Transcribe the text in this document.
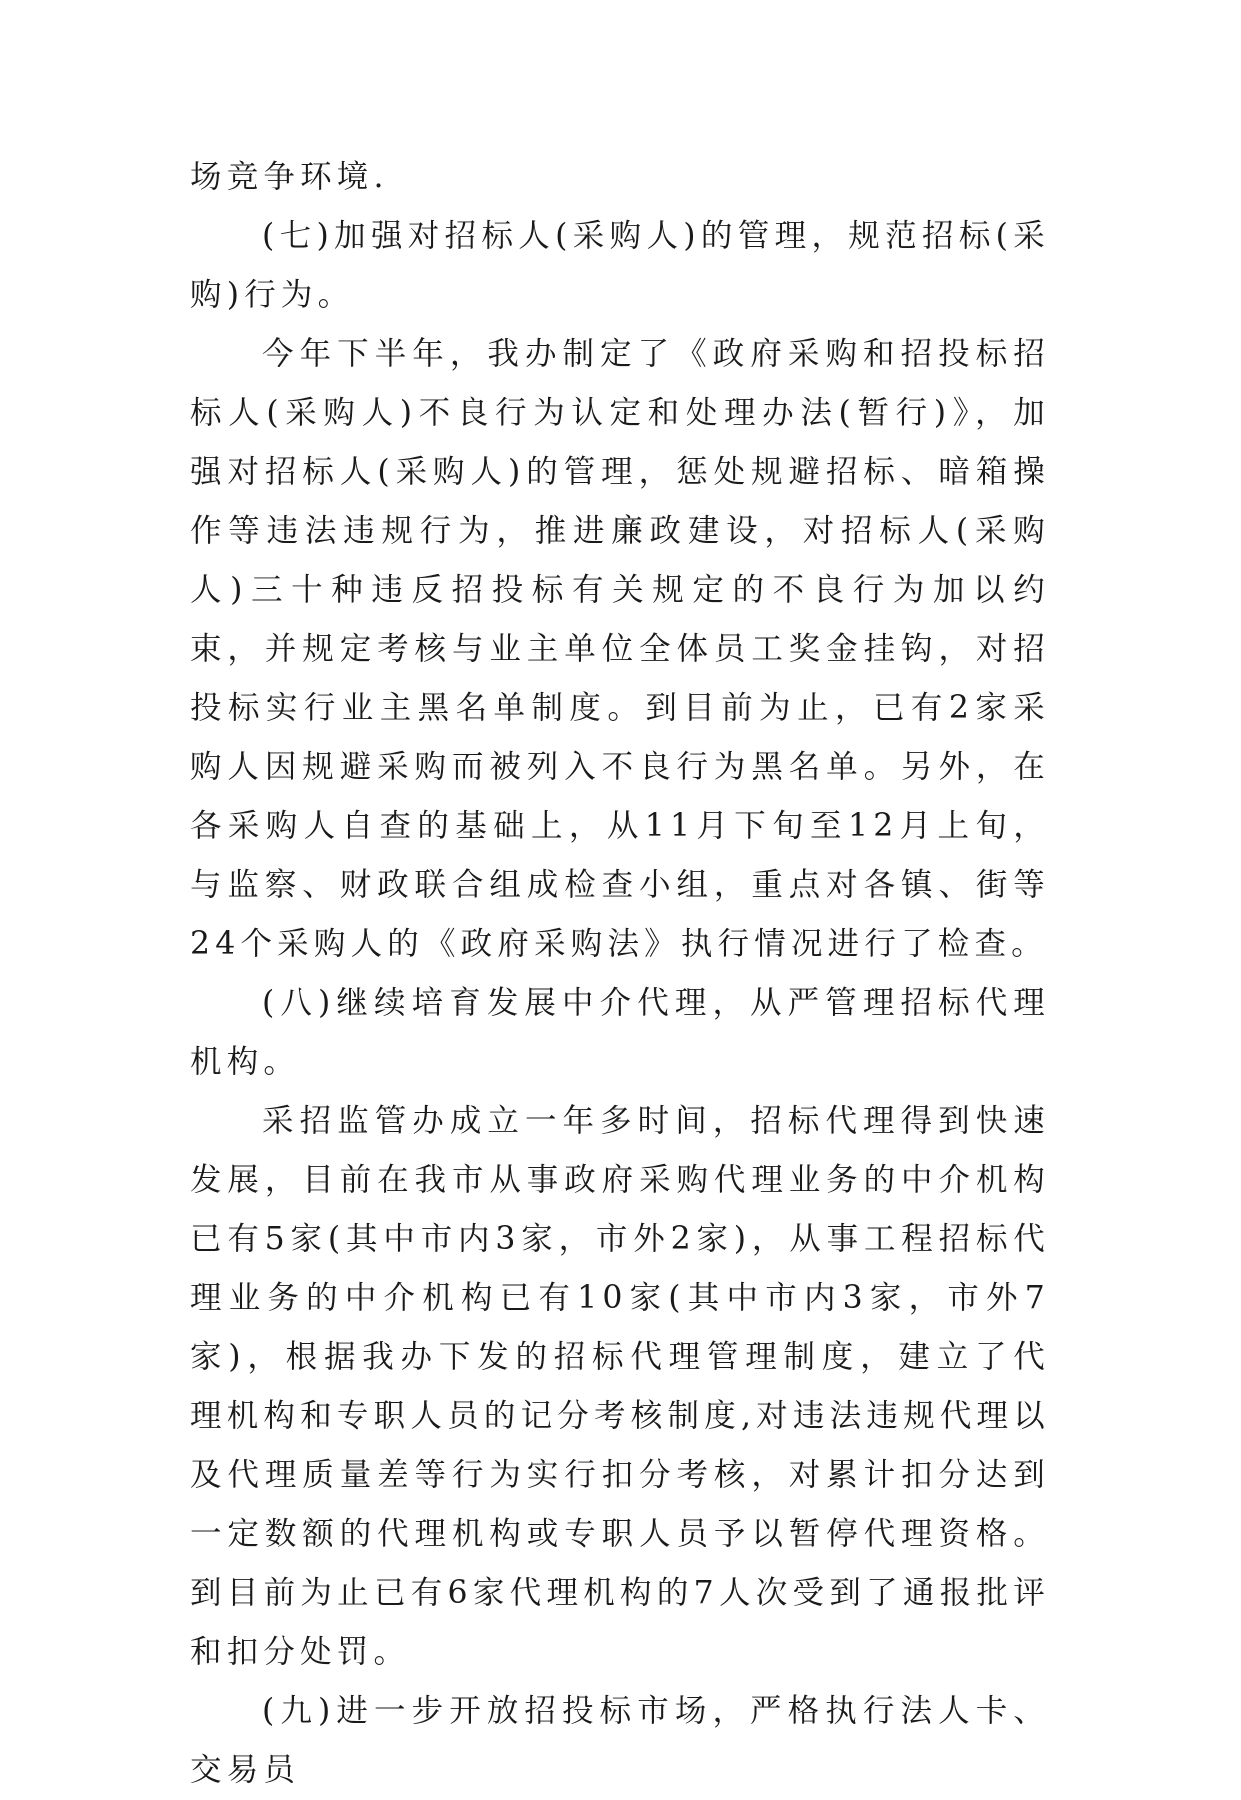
场竞争环境.

(七)加强对招标人(采购人)的管理，规范招标(采购)行为。

今年下半年，我办制定了《政府采购和招投标招标人(采购人)不良行为认定和处理办法(暂行)》，加强对招标人(采购人)的管理，惩处规避招标、暗箱操作等违法违规行为，推进廉政建设，对招标人(采购人)三十种违反招投标有关规定的不良行为加以约束，并规定考核与业主单位全体员工奖金挂钩，对招投标实行业主黑名单制度。到目前为止，已有2家采购人因规避采购而被列入不良行为黑名单。另外，在各采购人自查的基础上，从11月下旬至12月上旬，与监察、财政联合组成检查小组，重点对各镇、街等24个采购人的《政府采购法》执行情况进行了检查。

(八)继续培育发展中介代理，从严管理招标代理机构。

采招监管办成立一年多时间，招标代理得到快速发展，目前在我市从事政府采购代理业务的中介机构已有5家(其中市内3家，市外2家)，从事工程招标代理业务的中介机构已有10家(其中市内3家，市外7家)，根据我办下发的招标代理管理制度，建立了代理机构和专职人员的记分考核制度,对违法违规代理以及代理质量差等行为实行扣分考核，对累计扣分达到一定数额的代理机构或专职人员予以暂停代理资格。到目前为止已有6家代理机构的7人次受到了通报批评和扣分处罚。

(九)进一步开放招投标市场，严格执行法人卡、交易员
